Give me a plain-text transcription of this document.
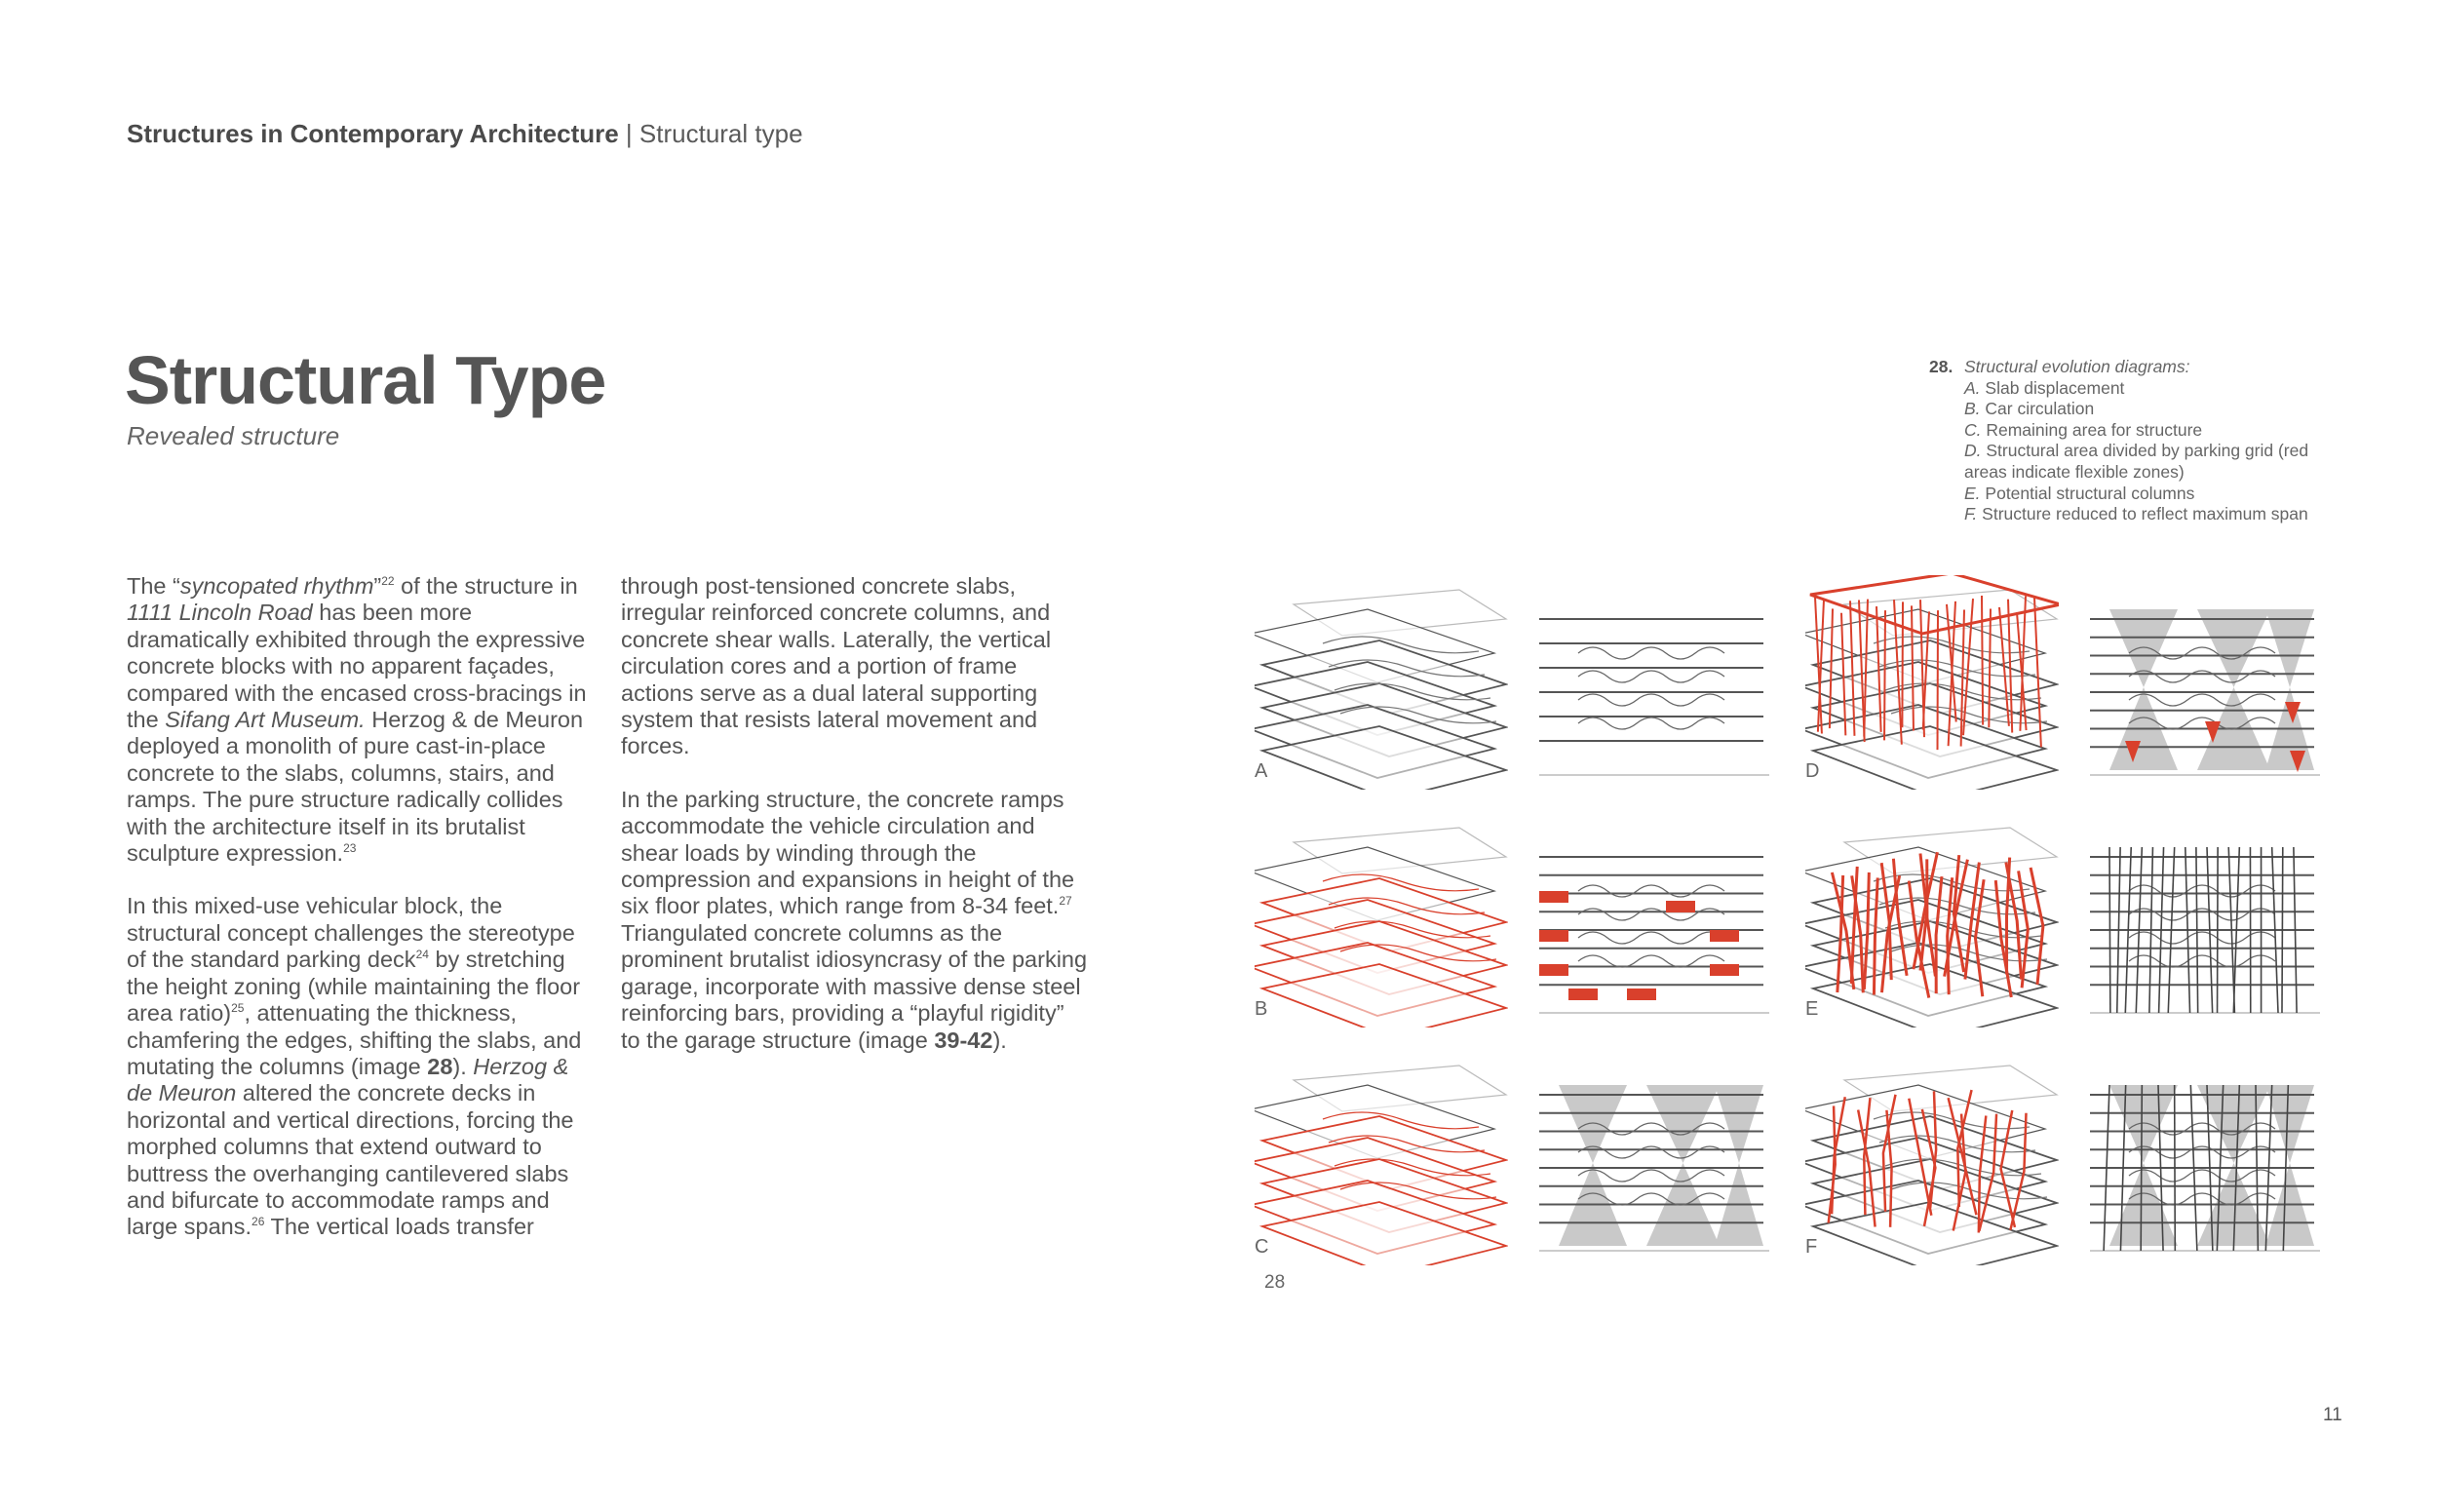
Structures in Contemporary Architecture | Structural type
Structural Type
Revealed structure

The “syncopated rhythm”$^{22}$ of the structure in 1111 Lincoln Road has been more dramatically exhibited through the expressive concrete blocks with no apparent façades, compared with the encased cross-bracings in the Sifang Art Museum. Herzog & de Meuron deployed a monolith of pure cast-in-place concrete to the slabs, columns, stairs, and ramps. The pure structure radically collides with the architecture itself in its brutalist sculpture expression.$^{23}$

In this mixed-use vehicular block, the structural concept challenges the stereotype of the standard parking deck$^{24}$ by stretching the height zoning (while maintaining the floor area ratio)$^{25}$, attenuating the thickness, chamfering the edges, shifting the slabs, and mutating the columns (image 28). Herzog & de Meuron altered the concrete decks in horizontal and vertical directions, forcing the morphed columns that extend outward to buttress the overhanging cantilevered slabs and bifurcate to accommodate ramps and large spans.$^{26}$ The vertical loads transfer

through post-tensioned concrete slabs, irregular reinforced concrete columns, and concrete shear walls. Laterally, the vertical circulation cores and a portion of frame actions serve as a dual lateral supporting system that resists lateral movement and forces.

In the parking structure, the concrete ramps accommodate the vehicle circulation and shear loads by winding through the compression and expansions in height of the six floor plates, which range from 8-34 feet.$^{27}$ Triangulated concrete columns as the prominent brutalist idiosyncrasy of the parking garage, incorporate with massive dense steel reinforcing bars, providing a “playful rigidity” to the garage structure (image 39-42).

28. Structural evolution diagrams:
A. Slab displacement
B. Car circulation
C. Remaining area for structure
D. Structural area divided by parking grid (red
areas indicate flexible zones)
E. Potential structural columns
F. Structure reduced to reflect maximum span
A
B
C
D
E
F
28
11
